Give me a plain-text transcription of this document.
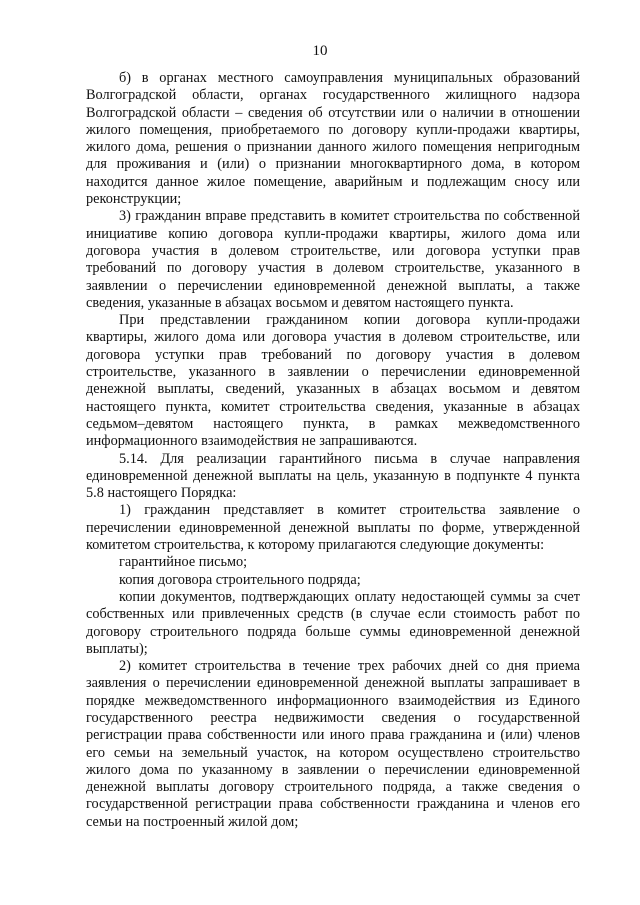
10

б) в органах местного самоуправления муниципальных образований Волгоградской области, органах государственного жилищного надзора Волгоградской области – сведения об отсутствии или о наличии в отношении жилого помещения, приобретаемого по договору купли-продажи квартиры, жилого дома, решения о признании данного жилого помещения непригодным для проживания и (или) о признании многоквартирного дома, в котором находится данное жилое помещение, аварийным и подлежащим сносу или реконструкции;

3) гражданин вправе представить в комитет строительства по собственной инициативе копию договора купли-продажи квартиры, жилого дома или договора участия в долевом строительстве, или договора уступки прав требований по договору участия в долевом строительстве, указанного в заявлении о перечислении единовременной денежной выплаты, а также сведения, указанные в абзацах восьмом и девятом настоящего пункта.

При представлении гражданином копии договора купли-продажи квартиры, жилого дома или договора участия в долевом строительстве, или договора уступки прав требований по договору участия в долевом строительстве, указанного в заявлении о перечислении единовременной денежной выплаты, сведений, указанных в абзацах восьмом и девятом настоящего пункта, комитет строительства сведения, указанные в абзацах седьмом–девятом настоящего пункта, в рамках межведомственного информационного взаимодействия не запрашиваются.

5.14. Для реализации гарантийного письма в случае направления единовременной денежной выплаты на цель, указанную в подпункте 4 пункта 5.8 настоящего Порядка:

1) гражданин представляет в комитет строительства заявление о перечислении единовременной денежной выплаты по форме, утвержденной комитетом строительства, к которому прилагаются следующие документы:

гарантийное письмо;

копия договора строительного подряда;

копии документов, подтверждающих оплату недостающей суммы за счет собственных или привлеченных средств (в случае если стоимость работ по договору строительного подряда больше суммы единовременной денежной выплаты);

2) комитет строительства в течение трех рабочих дней со дня приема заявления о перечислении единовременной денежной выплаты запрашивает в порядке межведомственного информационного взаимодействия из Единого государственного реестра недвижимости сведения о государственной регистрации права собственности или иного права гражданина и (или) членов его семьи на земельный участок, на котором осуществлено строительство жилого дома по указанному в заявлении о перечислении единовременной денежной выплаты договору строительного подряда, а также сведения о государственной регистрации права собственности гражданина и членов его семьи на построенный жилой дом;
